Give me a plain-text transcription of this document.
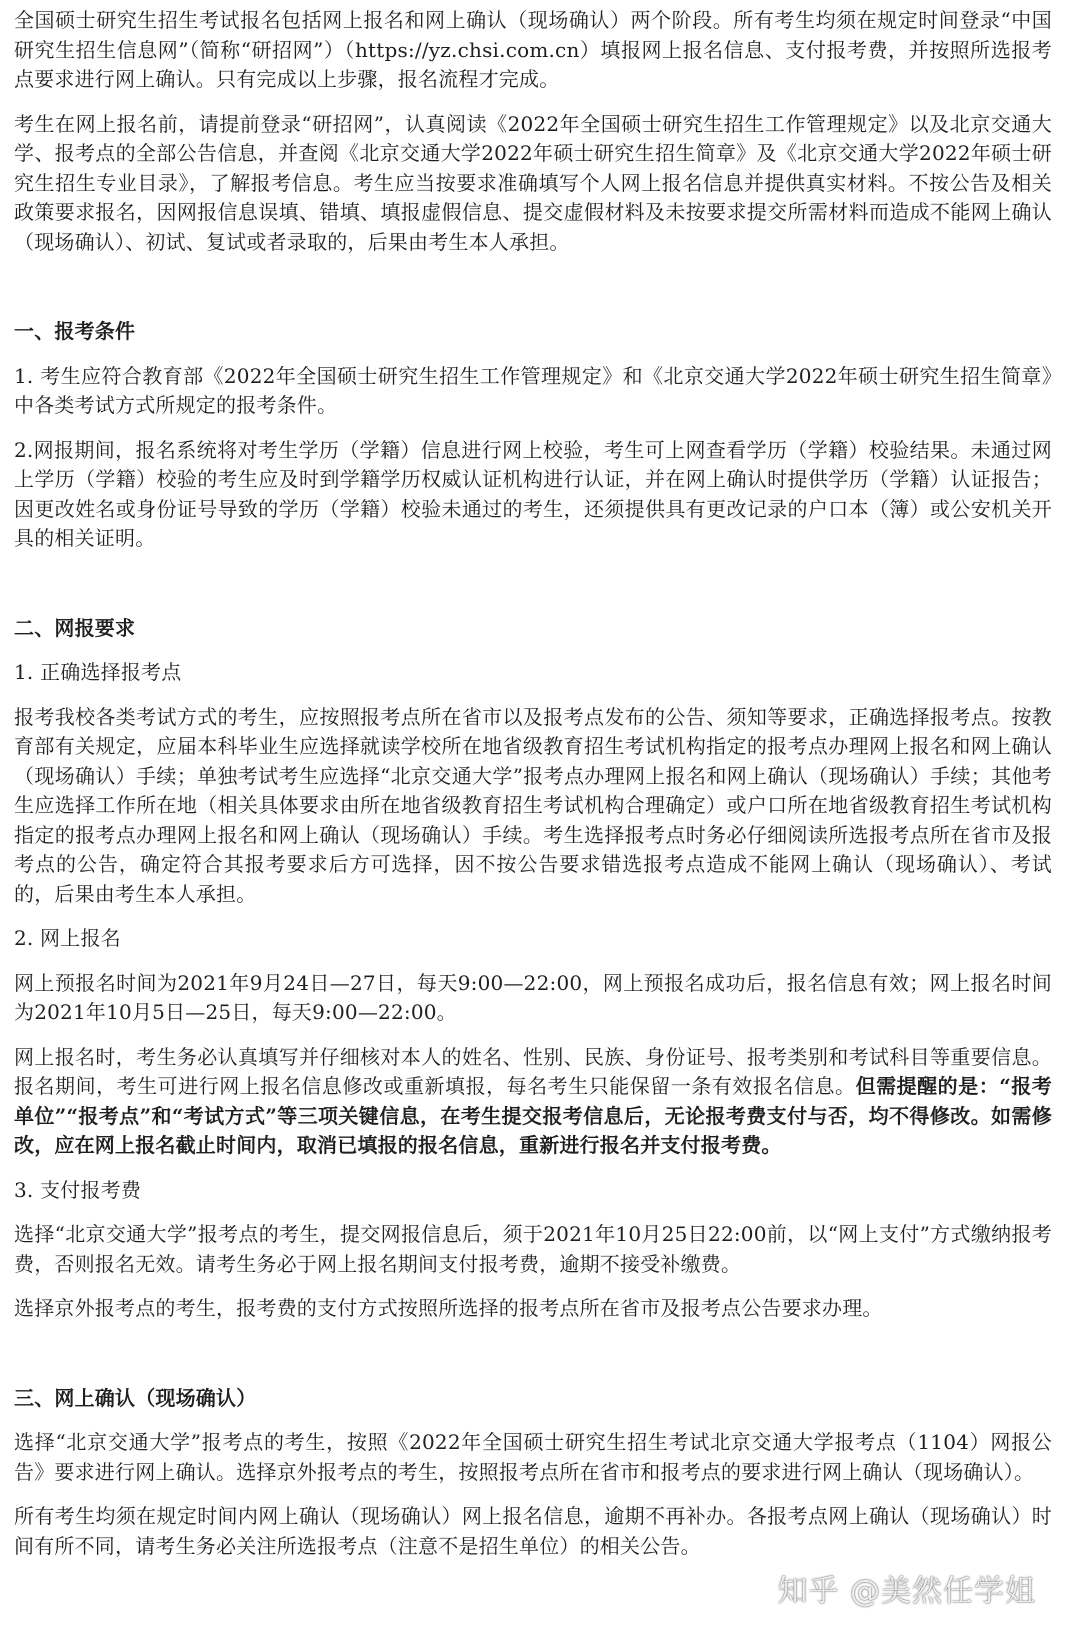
全国硕士研究生招生考试报名包括网上报名和网上确认（现场确认）两个阶段。所有考生均须在规定时间登录“中国研究生招生信息网”（简称“研招网”）（https://yz.chsi.com.cn）填报网上报名信息、支付报考费，并按照所选报考点要求进行网上确认。只有完成以上步骤，报名流程才完成。

考生在网上报名前，请提前登录“研招网”，认真阅读《2022年全国硕士研究生招生工作管理规定》以及北京交通大学、报考点的全部公告信息，并查阅《北京交通大学2022年硕士研究生招生简章》及《北京交通大学2022年硕士研究生招生专业目录》，了解报考信息。考生应当按要求准确填写个人网上报名信息并提供真实材料。不按公告及相关政策要求报名，因网报信息误填、错填、填报虚假信息、提交虚假材料及未按要求提交所需材料而造成不能网上确认（现场确认）、初试、复试或者录取的，后果由考生本人承担。

一、报考条件

1. 考生应符合教育部《2022年全国硕士研究生招生工作管理规定》和《北京交通大学2022年硕士研究生招生简章》中各类考试方式所规定的报考条件。

2.网报期间，报名系统将对考生学历（学籍）信息进行网上校验，考生可上网查看学历（学籍）校验结果。未通过网上学历（学籍）校验的考生应及时到学籍学历权威认证机构进行认证，并在网上确认时提供学历（学籍）认证报告；因更改姓名或身份证号导致的学历（学籍）校验未通过的考生，还须提供具有更改记录的户口本（簿）或公安机关开具的相关证明。

二、网报要求

1. 正确选择报考点

报考我校各类考试方式的考生，应按照报考点所在省市以及报考点发布的公告、须知等要求，正确选择报考点。按教育部有关规定，应届本科毕业生应选择就读学校所在地省级教育招生考试机构指定的报考点办理网上报名和网上确认（现场确认）手续；单独考试考生应选择“北京交通大学”报考点办理网上报名和网上确认（现场确认）手续；其他考生应选择工作所在地（相关具体要求由所在地省级教育招生考试机构合理确定）或户口所在地省级教育招生考试机构指定的报考点办理网上报名和网上确认（现场确认）手续。考生选择报考点时务必仔细阅读所选报考点所在省市及报考点的公告，确定符合其报考要求后方可选择，因不按公告要求错选报考点造成不能网上确认（现场确认）、考试的，后果由考生本人承担。

2. 网上报名

网上预报名时间为2021年9月24日—27日，每天9:00—22:00，网上预报名成功后，报名信息有效；网上报名时间为2021年10月5日—25日，每天9:00—22:00。

网上报名时，考生务必认真填写并仔细核对本人的姓名、性别、民族、身份证号、报考类别和考试科目等重要信息。报名期间，考生可进行网上报名信息修改或重新填报，每名考生只能保留一条有效报名信息。但需提醒的是：“报考单位”“报考点”和“考试方式”等三项关键信息，在考生提交报考信息后，无论报考费支付与否，均不得修改。如需修改，应在网上报名截止时间内，取消已填报的报名信息，重新进行报名并支付报考费。

3. 支付报考费

选择“北京交通大学”报考点的考生，提交网报信息后，须于2021年10月25日22:00前，以“网上支付”方式缴纳报考费，否则报名无效。请考生务必于网上报名期间支付报考费，逾期不接受补缴费。

选择京外报考点的考生，报考费的支付方式按照所选择的报考点所在省市及报考点公告要求办理。

三、网上确认（现场确认）

选择“北京交通大学”报考点的考生，按照《2022年全国硕士研究生招生考试北京交通大学报考点（1104）网报公告》要求进行网上确认。选择京外报考点的考生，按照报考点所在省市和报考点的要求进行网上确认（现场确认）。

所有考生均须在规定时间内网上确认（现场确认）网上报名信息，逾期不再补办。各报考点网上确认（现场确认）时间有所不同，请考生务必关注所选报考点（注意不是招生单位）的相关公告。

知乎 @美然任学姐
